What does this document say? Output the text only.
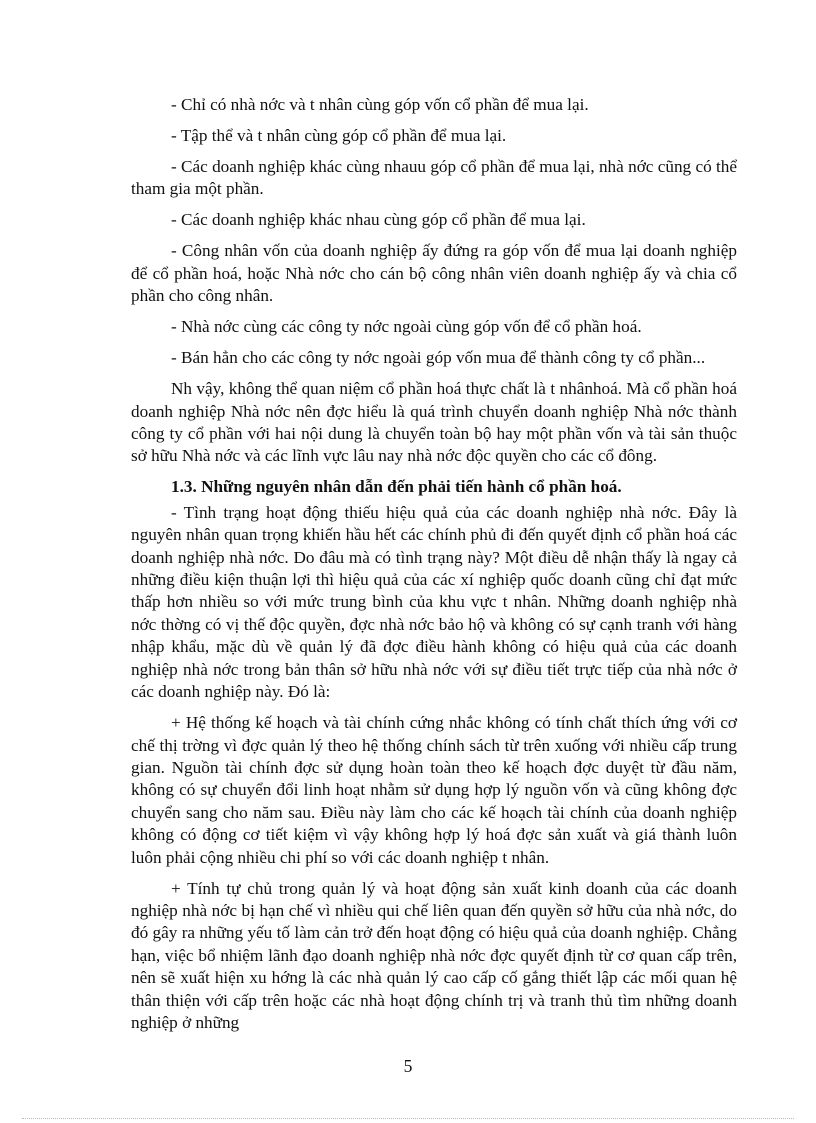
- Chỉ có nhà nớc và t nhân cùng góp vốn cổ phần để mua lại.

- Tập thể và t nhân cùng góp cổ phần để mua lại.

- Các doanh nghiệp khác cùng nhauu góp cổ phần để mua lại, nhà nớc cũng có thể tham gia một phần.

- Các doanh nghiệp khác nhau cùng góp cổ phần để mua lại.

- Công nhân vốn của doanh nghiệp ấy đứng ra góp vốn để mua lại doanh nghiệp để cổ phần hoá, hoặc Nhà nớc cho cán bộ công nhân viên doanh nghiệp ấy và chia cổ phần cho công nhân.

- Nhà nớc cùng các công ty nớc ngoài cùng góp vốn để cổ phần hoá.

- Bán hẳn cho các công ty nớc ngoài góp vốn mua để thành công ty cổ phần...

Nh vậy, không thể quan niệm cổ phần hoá thực chất là t nhânhoá. Mà cổ phần hoá doanh nghiệp Nhà nớc nên đợc hiểu là quá trình chuyển doanh nghiệp Nhà nớc thành công ty cổ phần với hai nội dung là chuyển toàn bộ hay một phần vốn và tài sản thuộc sở hữu Nhà nớc và các lĩnh vực lâu nay nhà nớc độc quyền cho các cổ đông.

1.3. Những nguyên nhân dẫn đến phải tiến hành cổ phần hoá.

- Tình trạng hoạt động thiếu hiệu quả của các doanh nghiệp nhà nớc. Đây là nguyên nhân quan trọng khiến hầu hết các chính phủ đi đến quyết định cổ phần hoá các doanh nghiệp nhà nớc. Do đâu mà có tình trạng này? Một điều dễ nhận thấy là ngay cả những điều kiện thuận lợi thì hiệu quả của các xí nghiệp quốc doanh cũng chỉ đạt mức thấp hơn nhiều so với mức trung bình của khu vực t nhân. Những doanh nghiệp nhà nớc thờng có vị thế độc quyền, đợc nhà nớc bảo hộ và không có sự cạnh tranh với hàng nhập khẩu, mặc dù về quản lý đã đợc điều hành không có hiệu quả của các doanh nghiệp nhà nớc trong bản thân sở hữu nhà nớc với sự điều tiết trực tiếp của nhà nớc ở các doanh nghiệp này. Đó là:

+ Hệ thống kế hoạch và tài chính cứng nhắc không có tính chất thích ứng với cơ chế thị trờng vì đợc quản lý theo hệ thống chính sách từ trên xuống với nhiều cấp trung gian. Nguồn tài chính đợc sử dụng hoàn toàn theo kế hoạch đợc duyệt từ đầu năm, không có sự chuyển đổi linh hoạt nhằm sử dụng hợp lý nguồn vốn và cũng không đợc chuyển sang cho năm sau. Điều này làm cho các kế hoạch tài chính của doanh nghiệp không có động cơ tiết kiệm vì vậy không hợp lý hoá đợc sản xuất và giá thành luôn luôn phải cộng nhiều chi phí so với các doanh nghiệp t nhân.

+ Tính tự chủ trong quản lý và hoạt động sản xuất kinh doanh của các doanh nghiệp nhà nớc bị hạn chế vì nhiều qui chế liên quan đến quyền sở hữu của nhà nớc, do đó gây ra những yếu tố làm cản trở đến hoạt động có hiệu quả của doanh nghiệp. Chẳng hạn, việc bổ nhiệm lãnh đạo doanh nghiệp nhà nớc đợc quyết định từ cơ quan cấp trên, nên sẽ xuất hiện xu hớng là các nhà quản lý cao cấp cố gắng thiết lập các mối quan hệ thân thiện với cấp trên hoặc các nhà hoạt động chính trị và tranh thủ tìm những doanh nghiệp ở những

5
